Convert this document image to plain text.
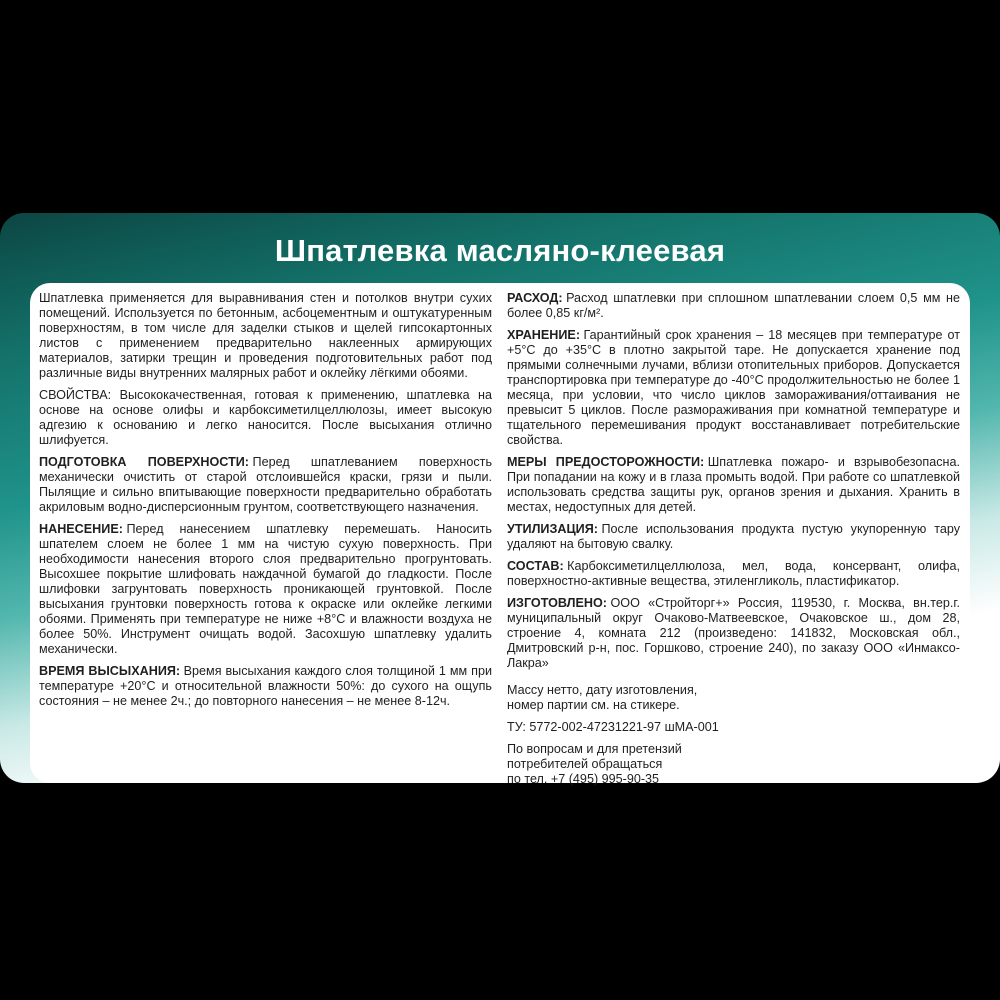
Шпатлевка масляно-клеевая

Шпатлевка применяется для выравнивания стен и потолков внутри сухих помещений. Используется по бетонным, асбоцементным и оштукатуренным поверхностям, в том числе для заделки стыков и щелей гипсокартонных листов с применением предварительно наклеенных армирующих материалов, затирки трещин и проведения подготовительных работ под различные виды внутренних малярных работ и оклейку лёгкими обоями.

СВОЙСТВА: Высококачественная, готовая к применению, шпатлевка на основе на основе олифы и карбоксиметилцеллюлозы, имеет высокую адгезию к основанию и легко наносится. После высыхания отлично шлифуется.

ПОДГОТОВКА ПОВЕРХНОСТИ: Перед шпатлеванием поверхность механически очистить от старой отслоившейся краски, грязи и пыли. Пылящие и сильно впитывающие поверхности предварительно обработать акриловым водно-дисперсионным грунтом, соответствующего назначения.

НАНЕСЕНИЕ: Перед нанесением шпатлевку перемешать. Наносить шпателем слоем не более 1 мм на чистую сухую поверхность. При необходимости нанесения второго слоя предварительно прогрунтовать. Высохшее покрытие шлифовать наждачной бумагой до гладкости. После шлифовки загрунтовать поверхность проникающей грунтовкой. После высыхания грунтовки поверхность готова к окраске или оклейке легкими обоями. Применять при температуре не ниже +8°С и влажности воздуха не более 50%. Инструмент очищать водой. Засохшую шпатлевку удалить механически.

ВРЕМЯ ВЫСЫХАНИЯ: Время высыхания каждого слоя толщиной 1 мм при температуре +20°С и относительной влажности 50%: до сухого на ощупь состояния – не менее 2ч.; до повторного нанесения – не менее 8-12ч.

РАСХОД: Расход шпатлевки при сплошном шпатлевании слоем 0,5 мм не более 0,85 кг/м².

ХРАНЕНИЕ: Гарантийный срок хранения – 18 месяцев при температуре от +5°С до +35°С в плотно закрытой таре. Не допускается хранение под прямыми солнечными лучами, вблизи отопительных приборов. Допускается транспортировка при температуре до -40°С продолжительностью не более 1 месяца, при условии, что число циклов замораживания/оттаивания не превысит 5 циклов. После размораживания при комнатной температуре и тщательного перемешивания продукт восстанавливает потребительские свойства.

МЕРЫ ПРЕДОСТОРОЖНОСТИ: Шпатлевка пожаро- и взрывобезопасна. При попадании на кожу и в глаза промыть водой. При работе со шпатлевкой использовать средства защиты рук, органов зрения и дыхания. Хранить в местах, недоступных для детей.

УТИЛИЗАЦИЯ: После использования продукта пустую укупоренную тару удаляют на бытовую свалку.

СОСТАВ: Карбоксиметилцеллюлоза, мел, вода, консервант, олифа, поверхностно-активные вещества, этиленгликоль, пластификатор.

ИЗГОТОВЛЕНО: ООО «Стройторг+» Россия, 119530, г. Москва, вн.тер.г. муниципальный округ Очаково-Матвеевское, Очаковское ш., дом 28, строение 4, комната 212 (произведено: 141832, Московская обл., Дмитровский р-н, пос. Горшково, строение 240), по заказу ООО «Инмаксо-Лакра»

Массу нетто, дату изготовления,
номер партии см. на стикере.
ТУ: 5772-002-47231221-97 шМА-001
По вопросам и для претензий
потребителей обращаться
по тел. +7 (495) 995-90-35
